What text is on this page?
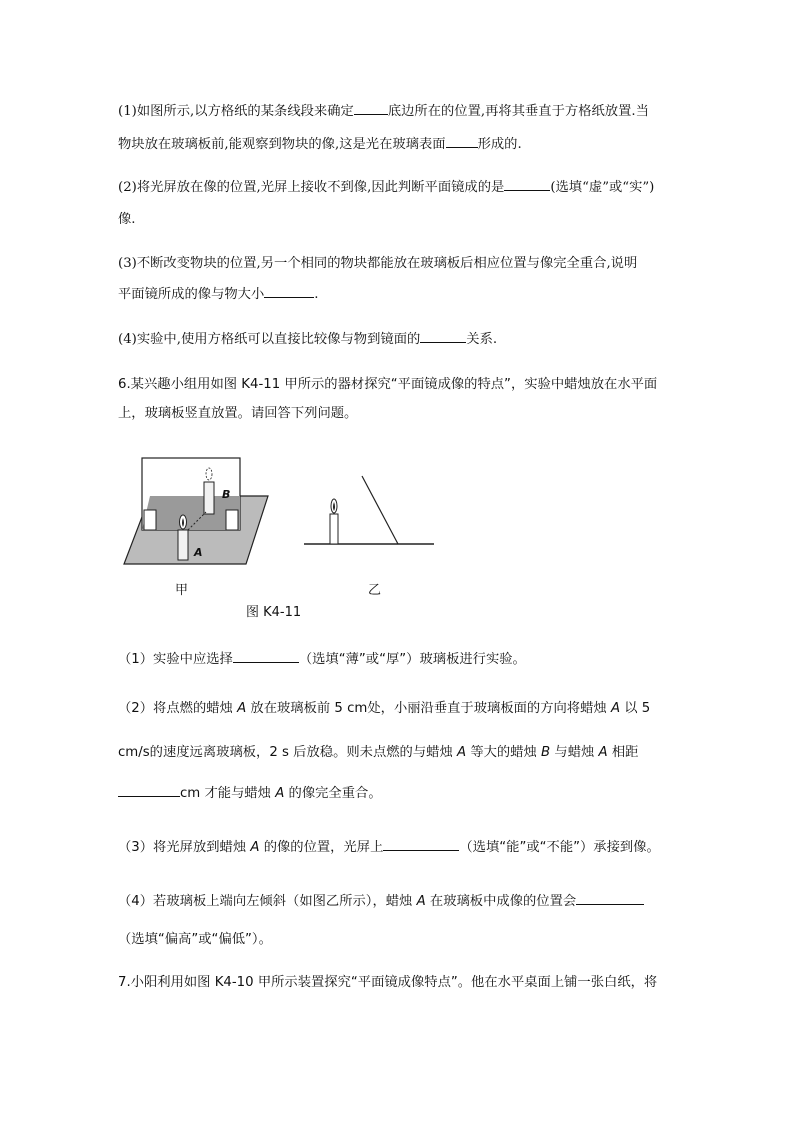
(1)如图所示,以方格纸的某条线段来确定	底边所在的位置,再将其垂直于方格纸放置.当
物块放在玻璃板前,能观察到物块的像,这是光在玻璃表面 形成的.
(2)将光屏放在像的位置,光屏上接收不到像,因此判断平面镜成的是	(选填“虚”或“实”)
像.
(3)不断改变物块的位置,另一个相同的物块都能放在玻璃板后相应位置与像完全重合,说明
平面镜所成的像与物大小	.
(4)实验中,使用方格纸可以直接比较像与物到镜面的	关系.
6.某兴趣小组用如图 K4-11 甲所示的器材探究“平面镜成像的特点”，实验中蜡烛放在水平面
上，玻璃板竖直放置。请回答下列问题。
B
A
甲	乙
图 K4-11
（1）实验中应选择	（选填“薄”或“厚”）玻璃板进行实验。
（2）将点燃的蜡烛 A 放在玻璃板前 5 cm处，小丽沿垂直于玻璃板面的方向将蜡烛 A 以 5
cm/s的速度远离玻璃板，2 s 后放稳。则未点燃的与蜡烛 A 等大的蜡烛 B 与蜡烛 A 相距
cm 才能与蜡烛 A 的像完全重合。
（3）将光屏放到蜡烛 A 的像的位置，光屏上	（选填“能”或“不能”）承接到像。
（4）若玻璃板上端向左倾斜（如图乙所示），蜡烛 A 在玻璃板中成像的位置会
（选填“偏高”或“偏低”）。
7.小阳利用如图 K4-10 甲所示装置探究“平面镜成像特点”。他在水平桌面上铺一张白纸，将
